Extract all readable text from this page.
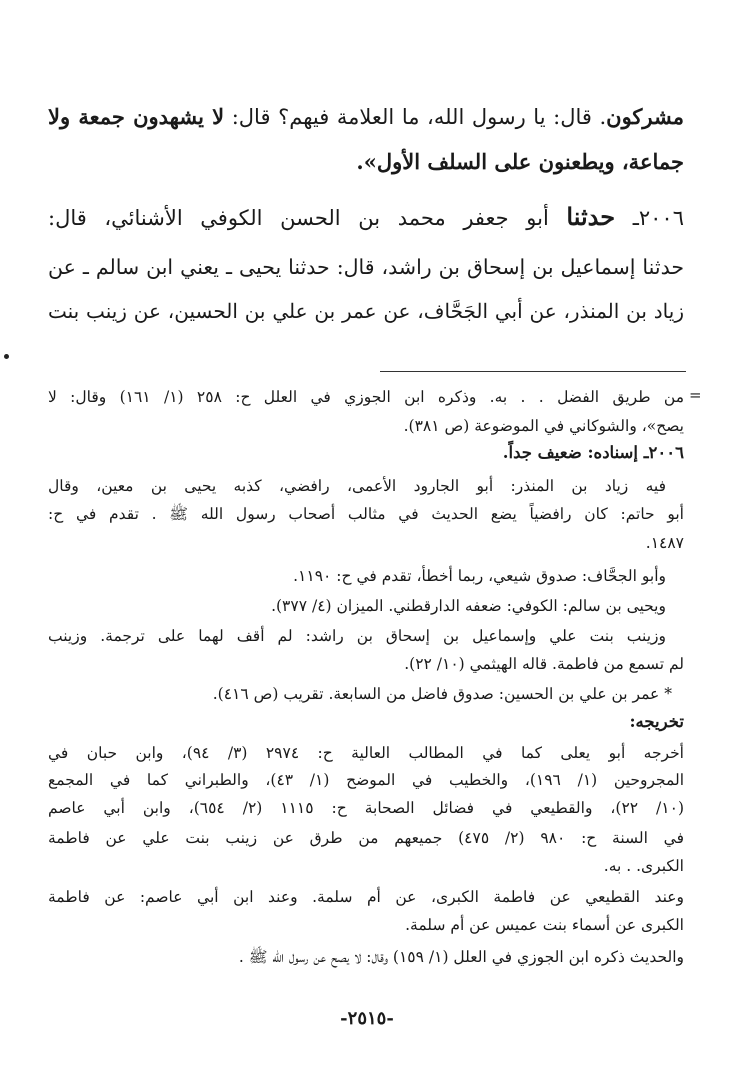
مشركون. قال: يا رسول الله، ما العلامة فيهم؟ قال: لا يشهدون جمعة ولا
جماعة، ويطعنون على السلف الأول».
٢٠٠٦ـ حدثنا أبو جعفر محمد بن الحسن الكوفي الأشنائي، قال:
حدثنا إسماعيل بن إسحاق بن راشد، قال: حدثنا يحيى ـ يعني ابن سالم ـ عن
زياد بن المنذر، عن أبي الجَحَّاف، عن عمر بن علي بن الحسين، عن زينب بنت
=
من طريق الفضل . . به. وذكره ابن الجوزي في العلل ح: ٢٥٨ (١/ ١٦١) وقال: لا
يصح»، والشوكاني في الموضوعة (ص ٣٨١).
٢٠٠٦ـ إسناده: ضعيف جداً.
فيه زياد بن المنذر: أبو الجارود الأعمى، رافضي، كذبه يحيى بن معين، وقال
أبو حاتم: كان رافضياً يضع الحديث في مثالب أصحاب رسول الله ﷺ . تقدم في ح:
١٤٨٧.
وأبو الجحَّاف: صدوق شيعي، ربما أخطأ، تقدم في ح: ١١٩٠.
ويحيى بن سالم: الكوفي: ضعفه الدارقطني. الميزان (٤/ ٣٧٧).
وزينب بنت علي وإسماعيل بن إسحاق بن راشد: لم أقف لهما على ترجمة. وزينب
لم تسمع من فاطمة. قاله الهيثمي (١٠/ ٢٢).
* عمر بن علي بن الحسين: صدوق فاضل من السابعة. تقريب (ص ٤١٦).
تخريجه:
أخرجه أبو يعلى كما في المطالب العالية ح: ٢٩٧٤ (٣/ ٩٤)، وابن حبان في
المجروحين (١/ ١٩٦)، والخطيب في الموضح (١/ ٤٣)، والطبراني كما في المجمع
(١٠/ ٢٢)، والقطيعي في فضائل الصحابة ح: ١١١٥ (٢/ ٦٥٤)، وابن أبي عاصم
في السنة ح: ٩٨٠ (٢/ ٤٧٥) جميعهم من طرق عن زينب بنت علي عن فاطمة
الكبرى. . به.
وعند القطيعي عن فاطمة الكبرى، عن أم سلمة. وعند ابن أبي عاصم: عن فاطمة
الكبرى عن أسماء بنت عميس عن أم سلمة.
والحديث ذكره ابن الجوزي في العلل (١/ ١٥٩) وقال: لا يصح عن رسول الله ﷺ .
-٢٥١٥-
